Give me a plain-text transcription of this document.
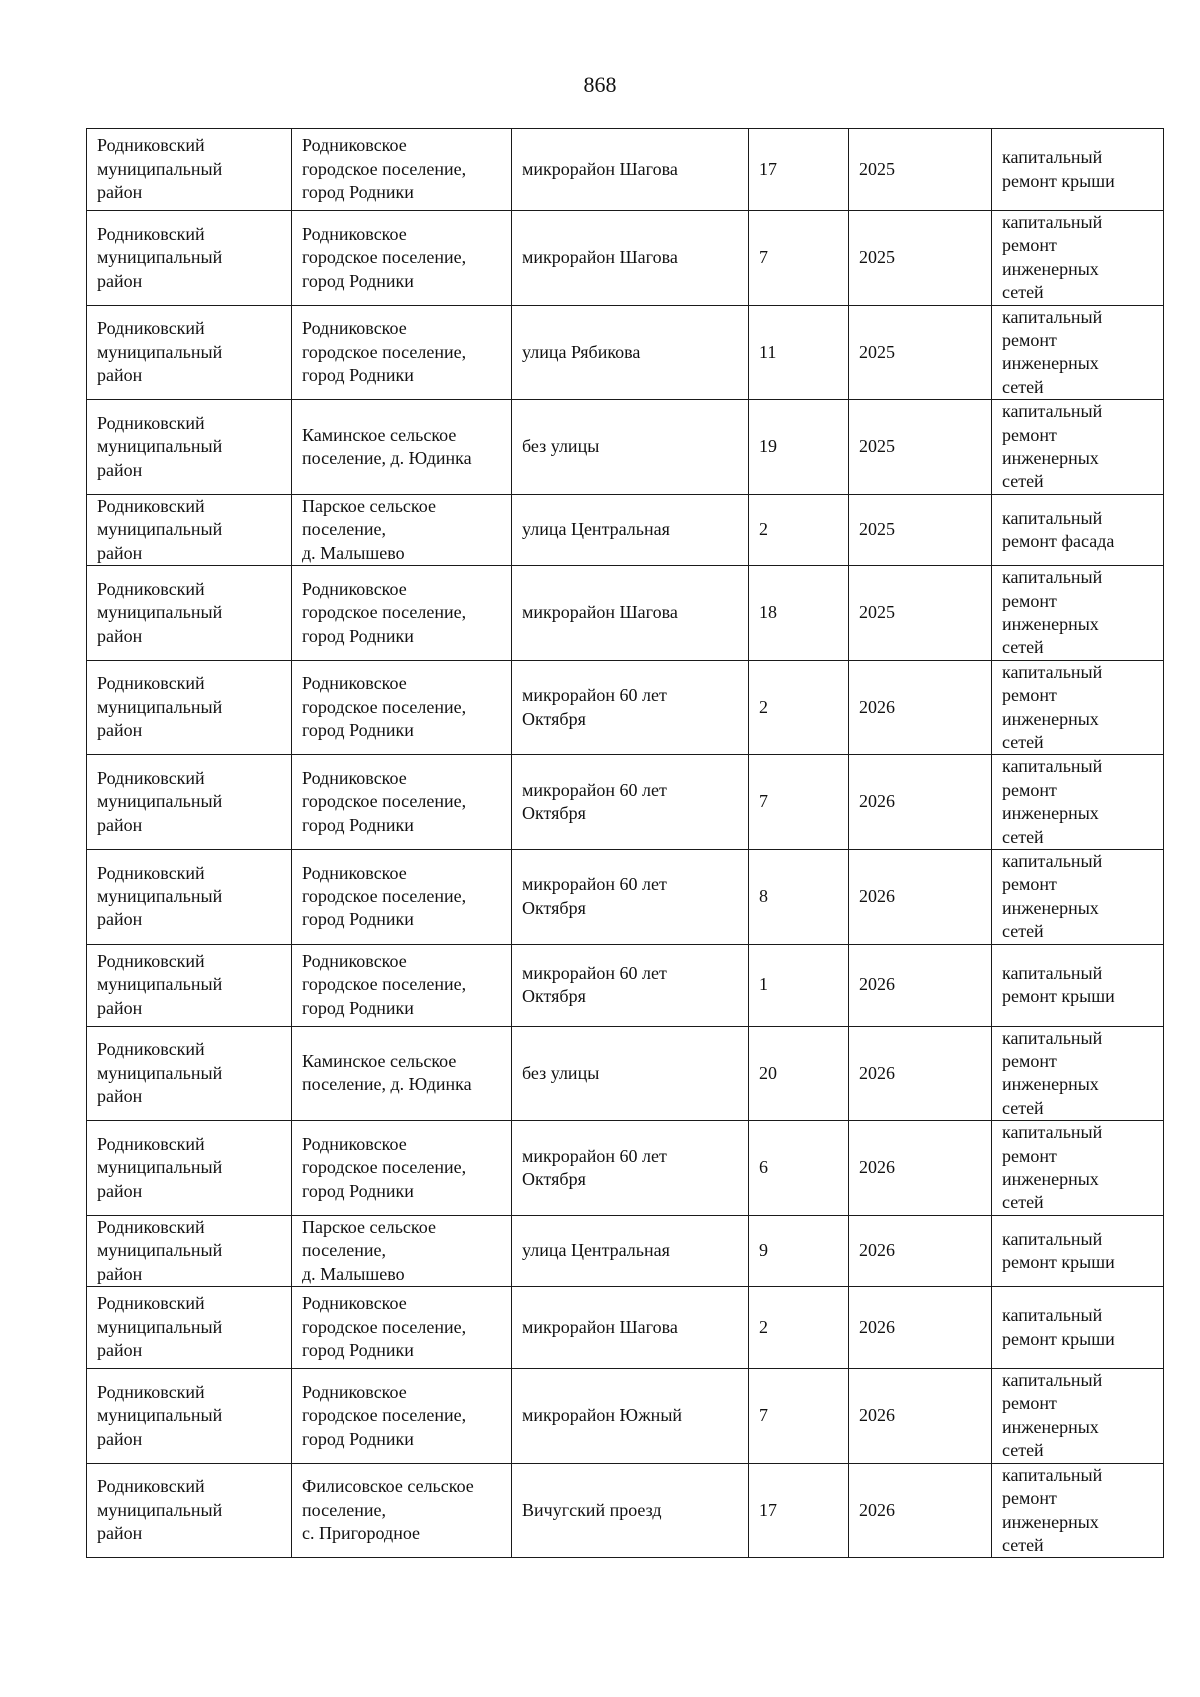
868
Родниковский
муниципальный
район	Родниковское
городское поселение,
город Родники	микрорайон Шагова	17	2025	капитальный
ремонт крыши
Родниковский
муниципальный
район	Родниковское
городское поселение,
город Родники	микрорайон Шагова	7	2025	капитальный
ремонт
инженерных
сетей
Родниковский
муниципальный
район	Родниковское
городское поселение,
город Родники	улица Рябикова	11	2025	капитальный
ремонт
инженерных
сетей
Родниковский
муниципальный
район	Каминское сельское
поселение, д. Юдинка	без улицы	19	2025	капитальный
ремонт
инженерных
сетей
Родниковский
муниципальный
район	Парское сельское
поселение,
д. Малышево	улица Центральная	2	2025	капитальный
ремонт фасада
Родниковский
муниципальный
район	Родниковское
городское поселение,
город Родники	микрорайон Шагова	18	2025	капитальный
ремонт
инженерных
сетей
Родниковский
муниципальный
район	Родниковское
городское поселение,
город Родники	микрорайон 60 лет
Октября	2	2026	капитальный
ремонт
инженерных
сетей
Родниковский
муниципальный
район	Родниковское
городское поселение,
город Родники	микрорайон 60 лет
Октября	7	2026	капитальный
ремонт
инженерных
сетей
Родниковский
муниципальный
район	Родниковское
городское поселение,
город Родники	микрорайон 60 лет
Октября	8	2026	капитальный
ремонт
инженерных
сетей
Родниковский
муниципальный
район	Родниковское
городское поселение,
город Родники	микрорайон 60 лет
Октября	1	2026	капитальный
ремонт крыши
Родниковский
муниципальный
район	Каминское сельское
поселение, д. Юдинка	без улицы	20	2026	капитальный
ремонт
инженерных
сетей
Родниковский
муниципальный
район	Родниковское
городское поселение,
город Родники	микрорайон 60 лет
Октября	6	2026	капитальный
ремонт
инженерных
сетей
Родниковский
муниципальный
район	Парское сельское
поселение,
д. Малышево	улица Центральная	9	2026	капитальный
ремонт крыши
Родниковский
муниципальный
район	Родниковское
городское поселение,
город Родники	микрорайон Шагова	2	2026	капитальный
ремонт крыши
Родниковский
муниципальный
район	Родниковское
городское поселение,
город Родники	микрорайон Южный	7	2026	капитальный
ремонт
инженерных
сетей
Родниковский
муниципальный
район	Филисовское сельское
поселение,
с. Пригородное	Вичугский проезд	17	2026	капитальный
ремонт
инженерных
сетей
